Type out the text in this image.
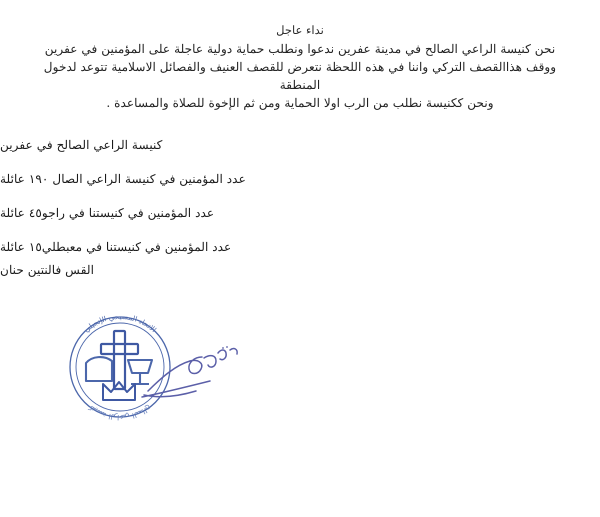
نداء عاجل
نحن كنيسة الراعي الصالح في مدينة عفرين ندعوا ونطلب حماية دولية عاجلة على المؤمنين في عفرين
ووقف هذاالقصف التركي واننا في هذه اللحظة نتعرض للقصف العنيف والفصائل الاسلامية تتوعد لدخول
المنطقة
ونحن ككنيسة نطلب من الرب اولا الحماية ومن ثم الإخوة للصلاة والمساعدة .
كنيسة الراعي الصالح في عفرين
عدد المؤمنين في كنيسة الراعي الصال ١٩٠ عائلة
عدد المؤمنين في كنيستنا في راجو٤٥ عائلة
عدد المؤمنين في كنيستنا في معبطلي١٥ عائلة
القس فالنتين حنان
الاتحاد المسيحي الإنجيلي
كنيسة الراعي الصالح
